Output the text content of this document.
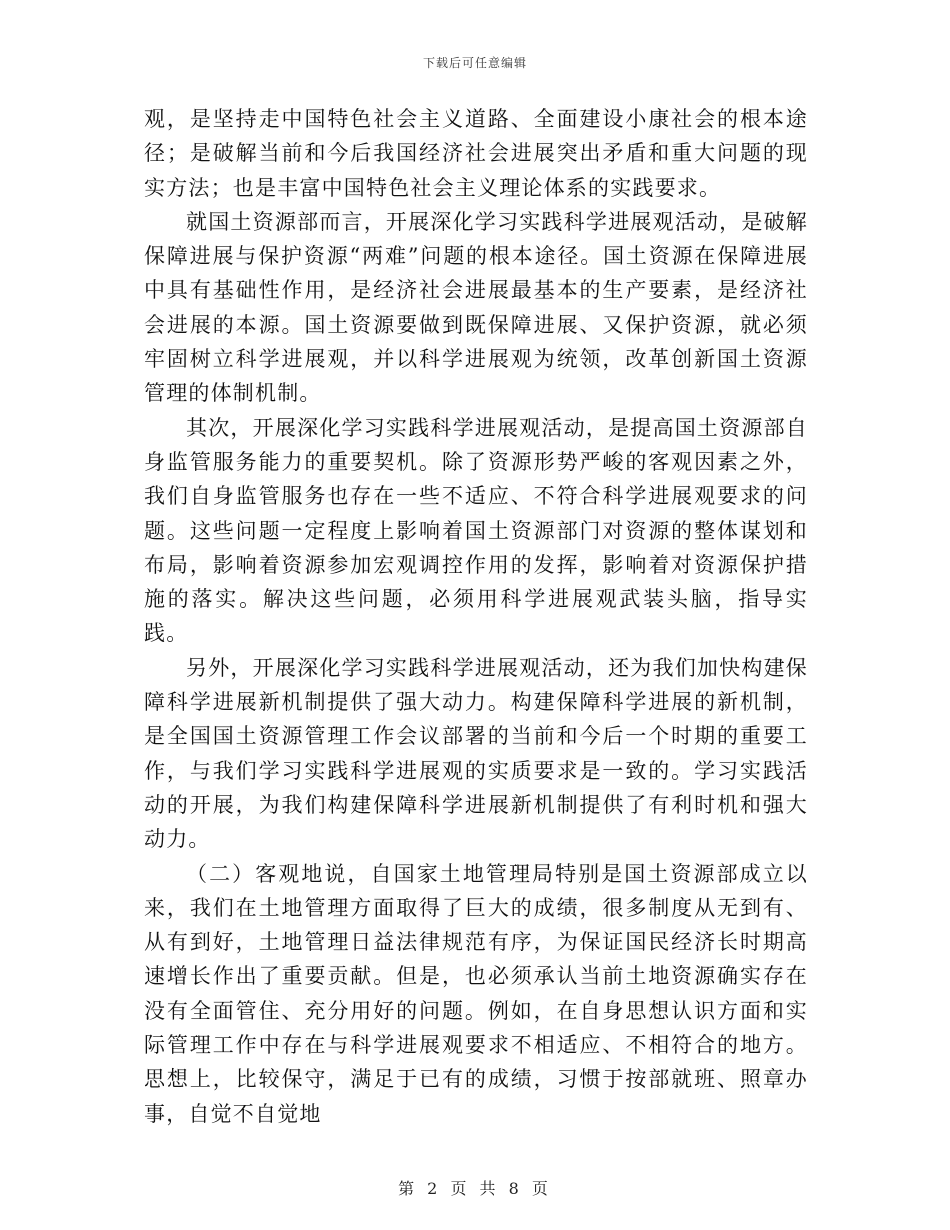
下载后可任意编辑

观，是坚持走中国特色社会主义道路、全面建设小康社会的根本途径；是破解当前和今后我国经济社会进展突出矛盾和重大问题的现实方法；也是丰富中国特色社会主义理论体系的实践要求。

就国土资源部而言，开展深化学习实践科学进展观活动，是破解保障进展与保护资源“两难”问题的根本途径。国土资源在保障进展中具有基础性作用，是经济社会进展最基本的生产要素，是经济社会进展的本源。国土资源要做到既保障进展、又保护资源，就必须牢固树立科学进展观，并以科学进展观为统领，改革创新国土资源管理的体制机制。

其次，开展深化学习实践科学进展观活动，是提高国土资源部自身监管服务能力的重要契机。除了资源形势严峻的客观因素之外，我们自身监管服务也存在一些不适应、不符合科学进展观要求的问题。这些问题一定程度上影响着国土资源部门对资源的整体谋划和布局，影响着资源参加宏观调控作用的发挥，影响着对资源保护措施的落实。解决这些问题，必须用科学进展观武装头脑，指导实践。

另外，开展深化学习实践科学进展观活动，还为我们加快构建保障科学进展新机制提供了强大动力。构建保障科学进展的新机制，是全国国土资源管理工作会议部署的当前和今后一个时期的重要工作，与我们学习实践科学进展观的实质要求是一致的。学习实践活动的开展，为我们构建保障科学进展新机制提供了有利时机和强大动力。

（二）客观地说，自国家土地管理局特别是国土资源部成立以来，我们在土地管理方面取得了巨大的成绩，很多制度从无到有、从有到好，土地管理日益法律规范有序，为保证国民经济长时期高速增长作出了重要贡献。但是，也必须承认当前土地资源确实存在没有全面管住、充分用好的问题。例如，在自身思想认识方面和实际管理工作中存在与科学进展观要求不相适应、不相符合的地方。思想上，比较保守，满足于已有的成绩，习惯于按部就班、照章办事，自觉不自觉地

第 2 页 共 8 页
